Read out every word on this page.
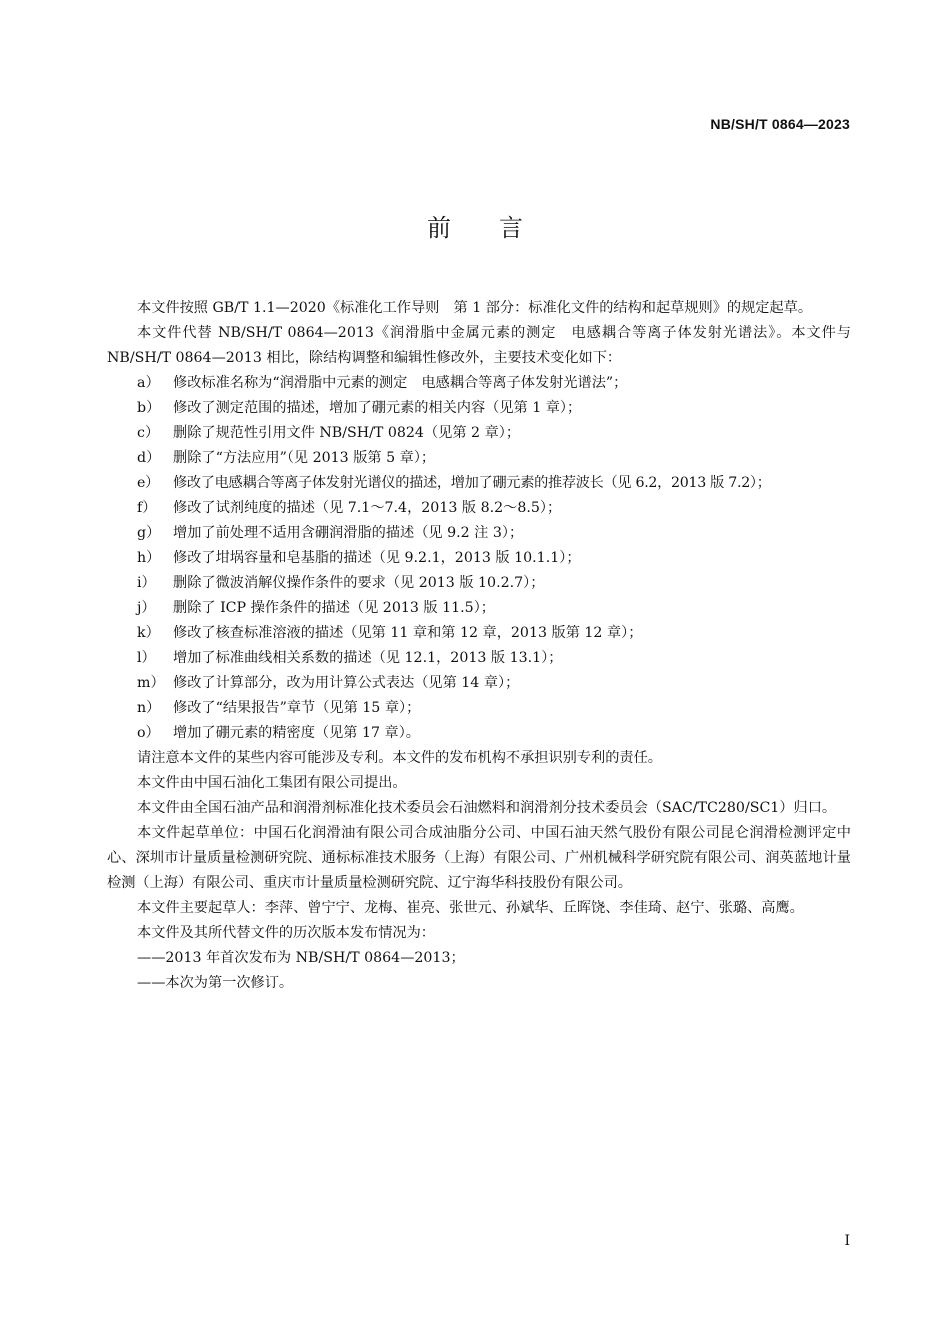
NB/SH/T 0864—2023
前言

本文件按照 GB/T 1.1—2020《标准化工作导则　第 1 部分：标准化文件的结构和起草规则》的规定起草。

本文件代替 NB/SH/T 0864—2013《润滑脂中金属元素的测定　电感耦合等离子体发射光谱法》。本文件与 NB/SH/T 0864—2013 相比，除结构调整和编辑性修改外，主要技术变化如下：

a） 修改标准名称为“润滑脂中元素的测定　电感耦合等离子体发射光谱法”；

b） 修改了测定范围的描述，增加了硼元素的相关内容（见第 1 章）；

c） 删除了规范性引用文件 NB/SH/T 0824（见第 2 章）；

d） 删除了“方法应用”（见 2013 版第 5 章）；

e） 修改了电感耦合等离子体发射光谱仪的描述，增加了硼元素的推荐波长（见 6.2，2013 版 7.2）；

f） 修改了试剂纯度的描述（见 7.1～7.4，2013 版 8.2～8.5）；

g） 增加了前处理不适用含硼润滑脂的描述（见 9.2 注 3）；

h） 修改了坩埚容量和皂基脂的描述（见 9.2.1，2013 版 10.1.1）；

i） 删除了微波消解仪操作条件的要求（见 2013 版 10.2.7）；

j） 删除了 ICP 操作条件的描述（见 2013 版 11.5）；

k） 修改了核查标准溶液的描述（见第 11 章和第 12 章，2013 版第 12 章）；

l） 增加了标准曲线相关系数的描述（见 12.1，2013 版 13.1）；

m） 修改了计算部分，改为用计算公式表达（见第 14 章）；

n） 修改了“结果报告”章节（见第 15 章）；

o） 增加了硼元素的精密度（见第 17 章）。

请注意本文件的某些内容可能涉及专利。本文件的发布机构不承担识别专利的责任。

本文件由中国石油化工集团有限公司提出。

本文件由全国石油产品和润滑剂标准化技术委员会石油燃料和润滑剂分技术委员会（SAC/TC280/SC1）归口。

本文件起草单位：中国石化润滑油有限公司合成油脂分公司、中国石油天然气股份有限公司昆仑润滑检测评定中心、深圳市计量质量检测研究院、通标标准技术服务（上海）有限公司、广州机械科学研究院有限公司、润英蓝地计量检测（上海）有限公司、重庆市计量质量检测研究院、辽宁海华科技股份有限公司。

本文件主要起草人：李萍、曾宁宁、龙梅、崔亮、张世元、孙斌华、丘晖饶、李佳琦、赵宁、张璐、高鹰。

本文件及其所代替文件的历次版本发布情况为：

——2013 年首次发布为 NB/SH/T 0864—2013；

——本次为第一次修订。

I
